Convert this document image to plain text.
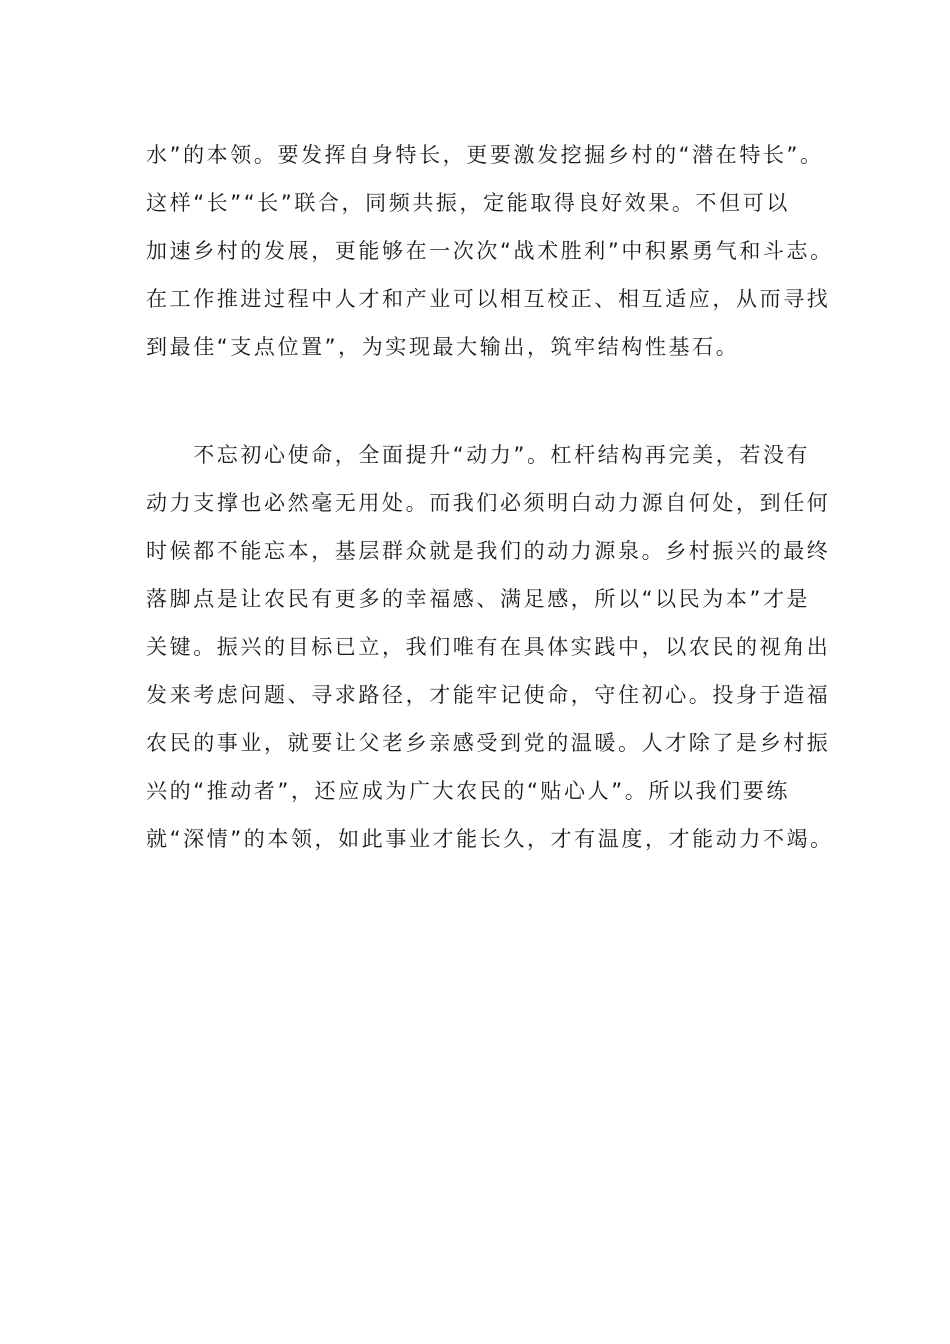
水”的本领。要发挥自身特长，更要激发挖掘乡村的“潜在特长”。
这样“长”“长”联合，同频共振，定能取得良好效果。不但可以
加速乡村的发展，更能够在一次次“战术胜利”中积累勇气和斗志。
在工作推进过程中人才和产业可以相互校正、相互适应，从而寻找
到最佳“支点位置”，为实现最大输出，筑牢结构性基石。
　　不忘初心使命，全面提升“动力”。杠杆结构再完美，若没有
动力支撑也必然毫无用处。而我们必须明白动力源自何处，到任何
时候都不能忘本，基层群众就是我们的动力源泉。乡村振兴的最终
落脚点是让农民有更多的幸福感、满足感，所以“以民为本”才是
关键。振兴的目标已立，我们唯有在具体实践中，以农民的视角出
发来考虑问题、寻求路径，才能牢记使命，守住初心。投身于造福
农民的事业，就要让父老乡亲感受到党的温暖。人才除了是乡村振
兴的“推动者”，还应成为广大农民的“贴心人”。所以我们要练
就“深情”的本领，如此事业才能长久，才有温度，才能动力不竭。
